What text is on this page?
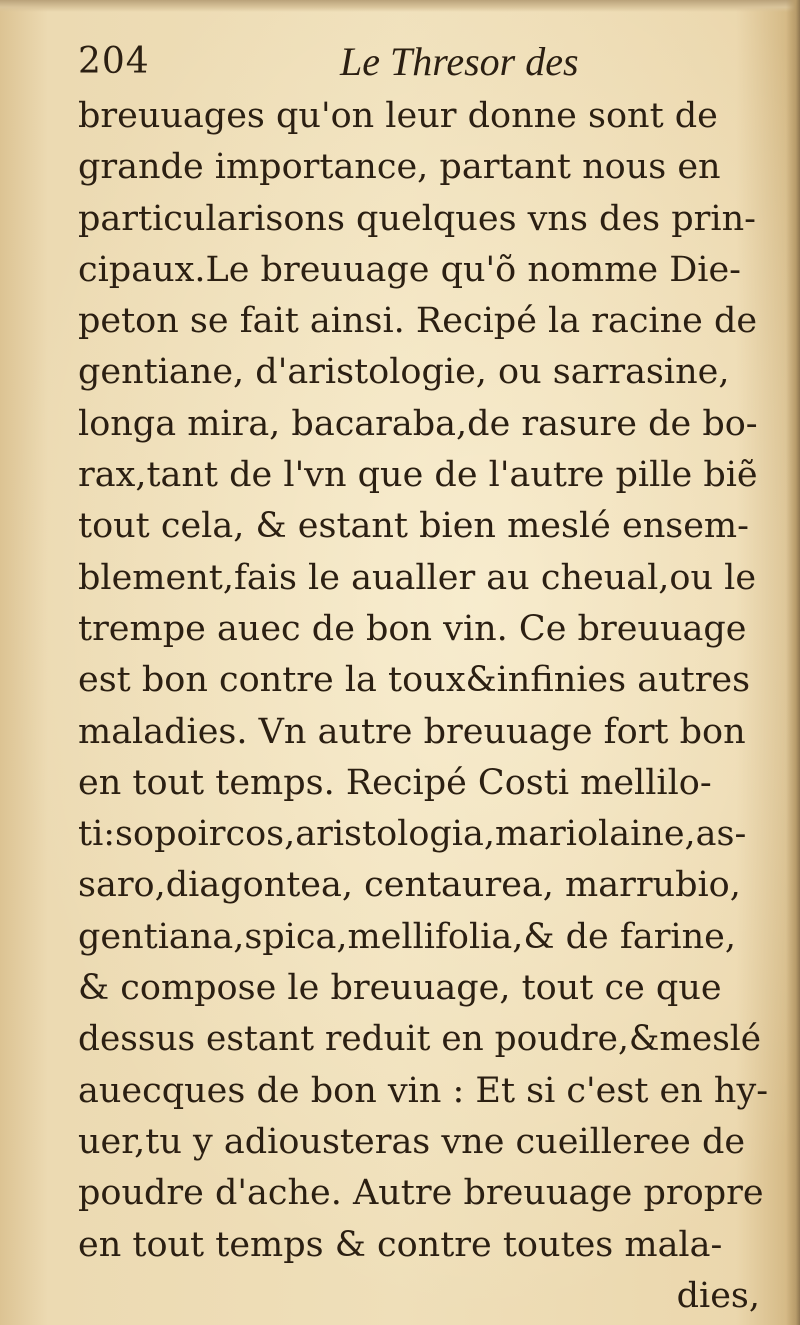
204	Le Thresor des
breuuages qu'on leur donne sont de
grande importance, partant nous en
particularisons quelques vns des prin-
cipaux.Le breuuage qu'õ nomme Die-
peton se fait ainsi. Recipé la racine de
gentiane, d'aristologie, ou sarrasine,
longa mira, bacaraba,de rasure de bo-
rax,tant de l'vn que de l'autre pille biẽ
tout cela, & estant bien meslé ensem-
blement,fais le aualler au cheual,ou le
trempe auec de bon vin. Ce breuuage
est bon contre la toux&infinies autres
maladies. Vn autre breuuage fort bon
en tout temps. Recipé Costi mellilo-
ti:sopoircos,aristologia,mariolaine,as-
saro,diagontea, centaurea, marrubio,
gentiana,spica,mellifolia,& de farine,
& compose le breuuage, tout ce que
dessus estant reduit en poudre,&meslé
auecques de bon vin : Et si c'est en hy-
uer,tu y adiousteras vne cueilleree de
poudre d'ache. Autre breuuage propre
en tout temps & contre toutes mala-
dies,
